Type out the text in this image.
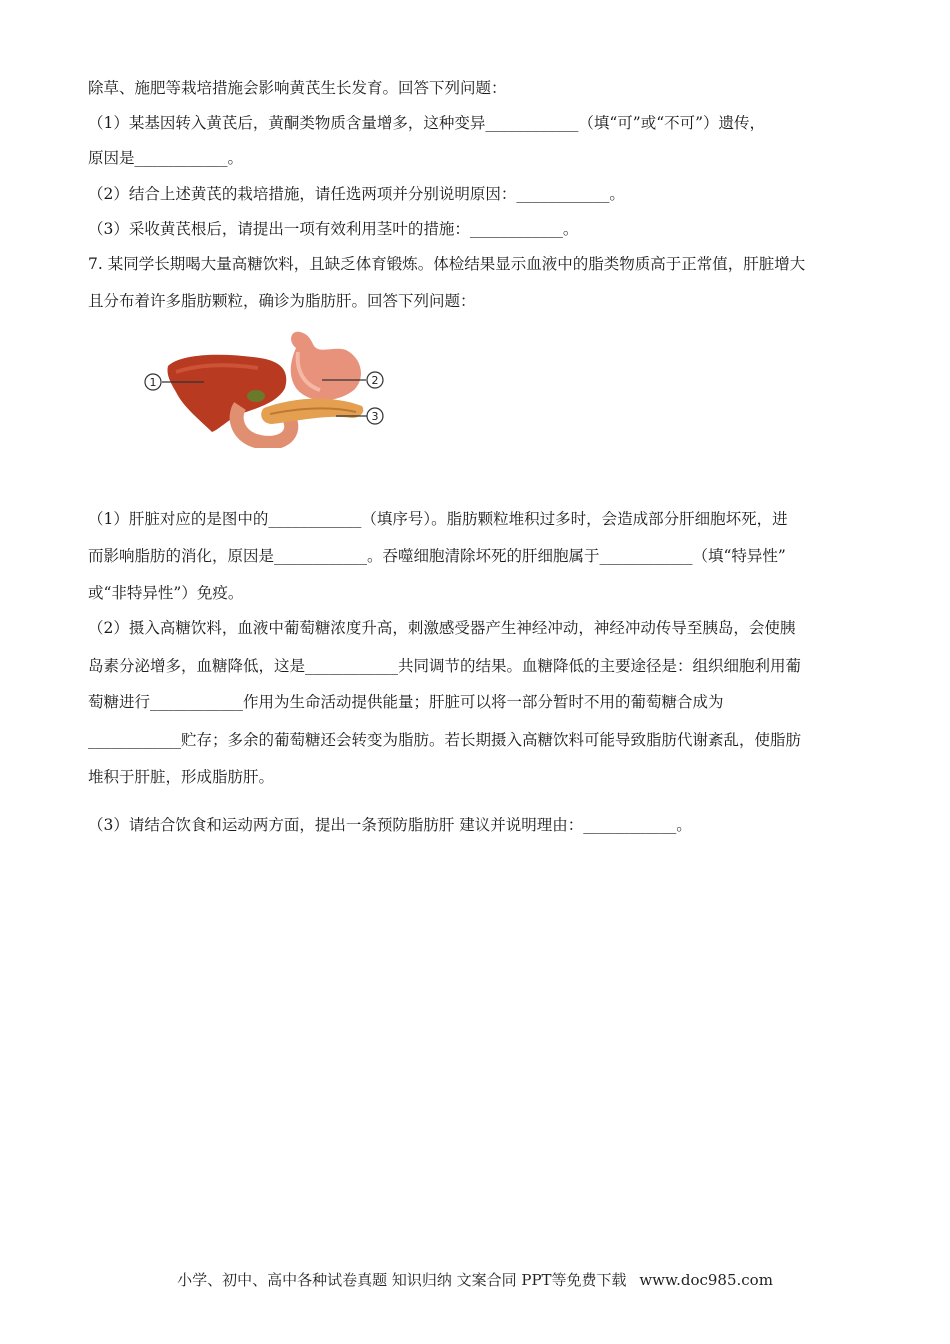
除草、施肥等栽培措施会影响黄芪生长发育。回答下列问题：
（1）某基因转入黄芪后，黄酮类物质含量增多，这种变异____________（填“可”或“不可”）遗传，
原因是____________。
（2）结合上述黄芪的栽培措施，请任选两项并分别说明原因：____________。
（3）采收黄芪根后，请提出一项有效利用茎叶的措施：____________。
7. 某同学长期喝大量高糖饮料，且缺乏体育锻炼。体检结果显示血液中的脂类物质高于正常值，肝脏增大
且分布着许多脂肪颗粒，确诊为脂肪肝。回答下列问题：
1	2
3
（1）肝脏对应的是图中的____________（填序号）。脂肪颗粒堆积过多时，会造成部分肝细胞坏死，进
而影响脂肪的消化，原因是____________。吞噬细胞清除坏死的肝细胞属于____________（填“特异性”
或“非特异性”）免疫。
（2）摄入高糖饮料，血液中葡萄糖浓度升高，刺激感受器产生神经冲动，神经冲动传导至胰岛，会使胰
岛素分泌增多，血糖降低，这是____________共同调节的结果。血糖降低的主要途径是：组织细胞利用葡
萄糖进行____________作用为生命活动提供能量；肝脏可以将一部分暂时不用的葡萄糖合成为
____________贮存；多余的葡萄糖还会转变为脂肪。若长期摄入高糖饮料可能导致脂肪代谢紊乱，使脂肪
堆积于肝脏，形成脂肪肝。
（3）请结合饮食和运动两方面，提出一条预防脂肪肝 建议并说明理由：____________。
小学、初中、高中各种试卷真题 知识归纳 文案合同 PPT等免费下载 www.doc985.com
